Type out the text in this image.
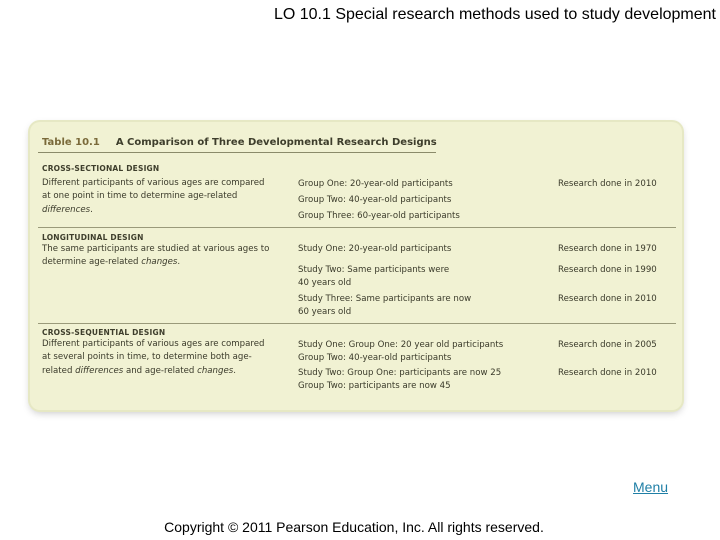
LO 10.1 Special research methods used to study development
Table 10.1 A Comparison of Three Developmental Research Designs
CROSS-SECTIONAL DESIGN
Different participants of various ages are compared at one point in time to determine age-related differences.
Group One: 20-year-old participants
Group Two: 40-year-old participants
Group Three: 60-year-old participants
Research done in 2010
LONGITUDINAL DESIGN
The same participants are studied at various ages to determine age-related changes.
Study One: 20-year-old participants
Study Two: Same participants were
40 years old
Study Three: Same participants are now
60 years old
Research done in 1970
Research done in 1990
Research done in 2010
CROSS-SEQUENTIAL DESIGN
Different participants of various ages are compared at several points in time, to determine both age-related differences and age-related changes.
Study One: Group One: 20 year old participants
Group Two: 40-year-old participants
Study Two: Group One: participants are now 25
Group Two: participants are now 45
Research done in 2005
Research done in 2010
Menu
Copyright © 2011 Pearson Education, Inc. All rights reserved.
